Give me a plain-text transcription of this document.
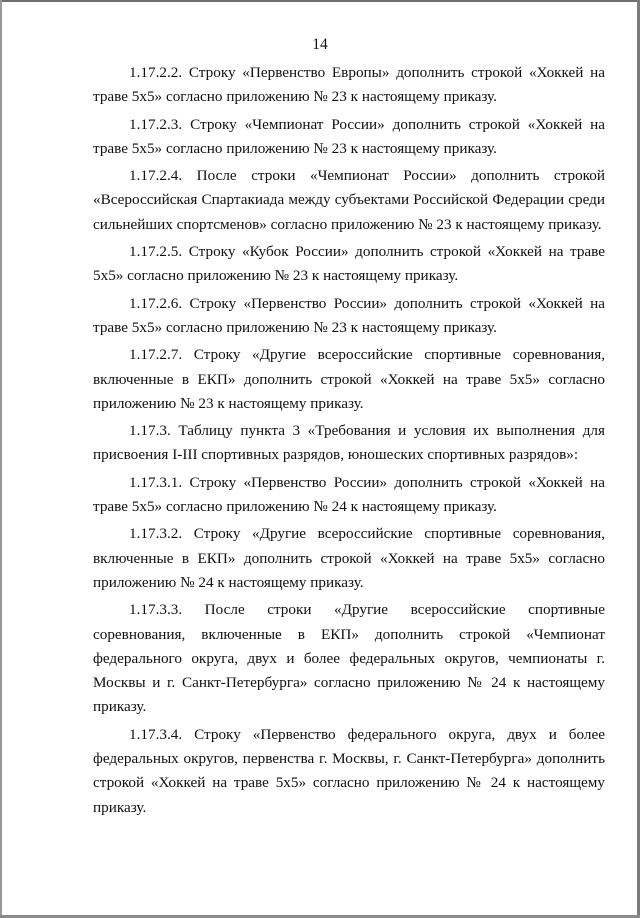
14

1.17.2.2. Строку «Первенство Европы» дополнить строкой «Хоккей на траве 5x5» согласно приложению № 23 к настоящему приказу.

1.17.2.3. Строку «Чемпионат России» дополнить строкой «Хоккей на траве 5x5» согласно приложению № 23 к настоящему приказу.

1.17.2.4. После строки «Чемпионат России» дополнить строкой «Всероссийская Спартакиада между субъектами Российской Федерации среди сильнейших спортсменов» согласно приложению № 23 к настоящему приказу.

1.17.2.5. Строку «Кубок России» дополнить строкой «Хоккей на траве 5x5» согласно приложению № 23 к настоящему приказу.

1.17.2.6. Строку «Первенство России» дополнить строкой «Хоккей на траве 5x5» согласно приложению № 23 к настоящему приказу.

1.17.2.7. Строку «Другие всероссийские спортивные соревнования, включенные в ЕКП» дополнить строкой «Хоккей на траве 5x5» согласно приложению № 23 к настоящему приказу.

1.17.3. Таблицу пункта 3 «Требования и условия их выполнения для присвоения I-III спортивных разрядов, юношеских спортивных разрядов»:

1.17.3.1. Строку «Первенство России» дополнить строкой «Хоккей на траве 5x5» согласно приложению № 24 к настоящему приказу.

1.17.3.2. Строку «Другие всероссийские спортивные соревнования, включенные в ЕКП» дополнить строкой «Хоккей на траве 5x5» согласно приложению № 24 к настоящему приказу.

1.17.3.3. После строки «Другие всероссийские спортивные соревнования, включенные в ЕКП» дополнить строкой «Чемпионат федерального округа, двух и более федеральных округов, чемпионаты г. Москвы и г. Санкт-Петербурга» согласно приложению № 24 к настоящему приказу.

1.17.3.4. Строку «Первенство федерального округа, двух и более федеральных округов, первенства г. Москвы, г. Санкт-Петербурга» дополнить строкой «Хоккей на траве 5x5» согласно приложению № 24 к настоящему приказу.
